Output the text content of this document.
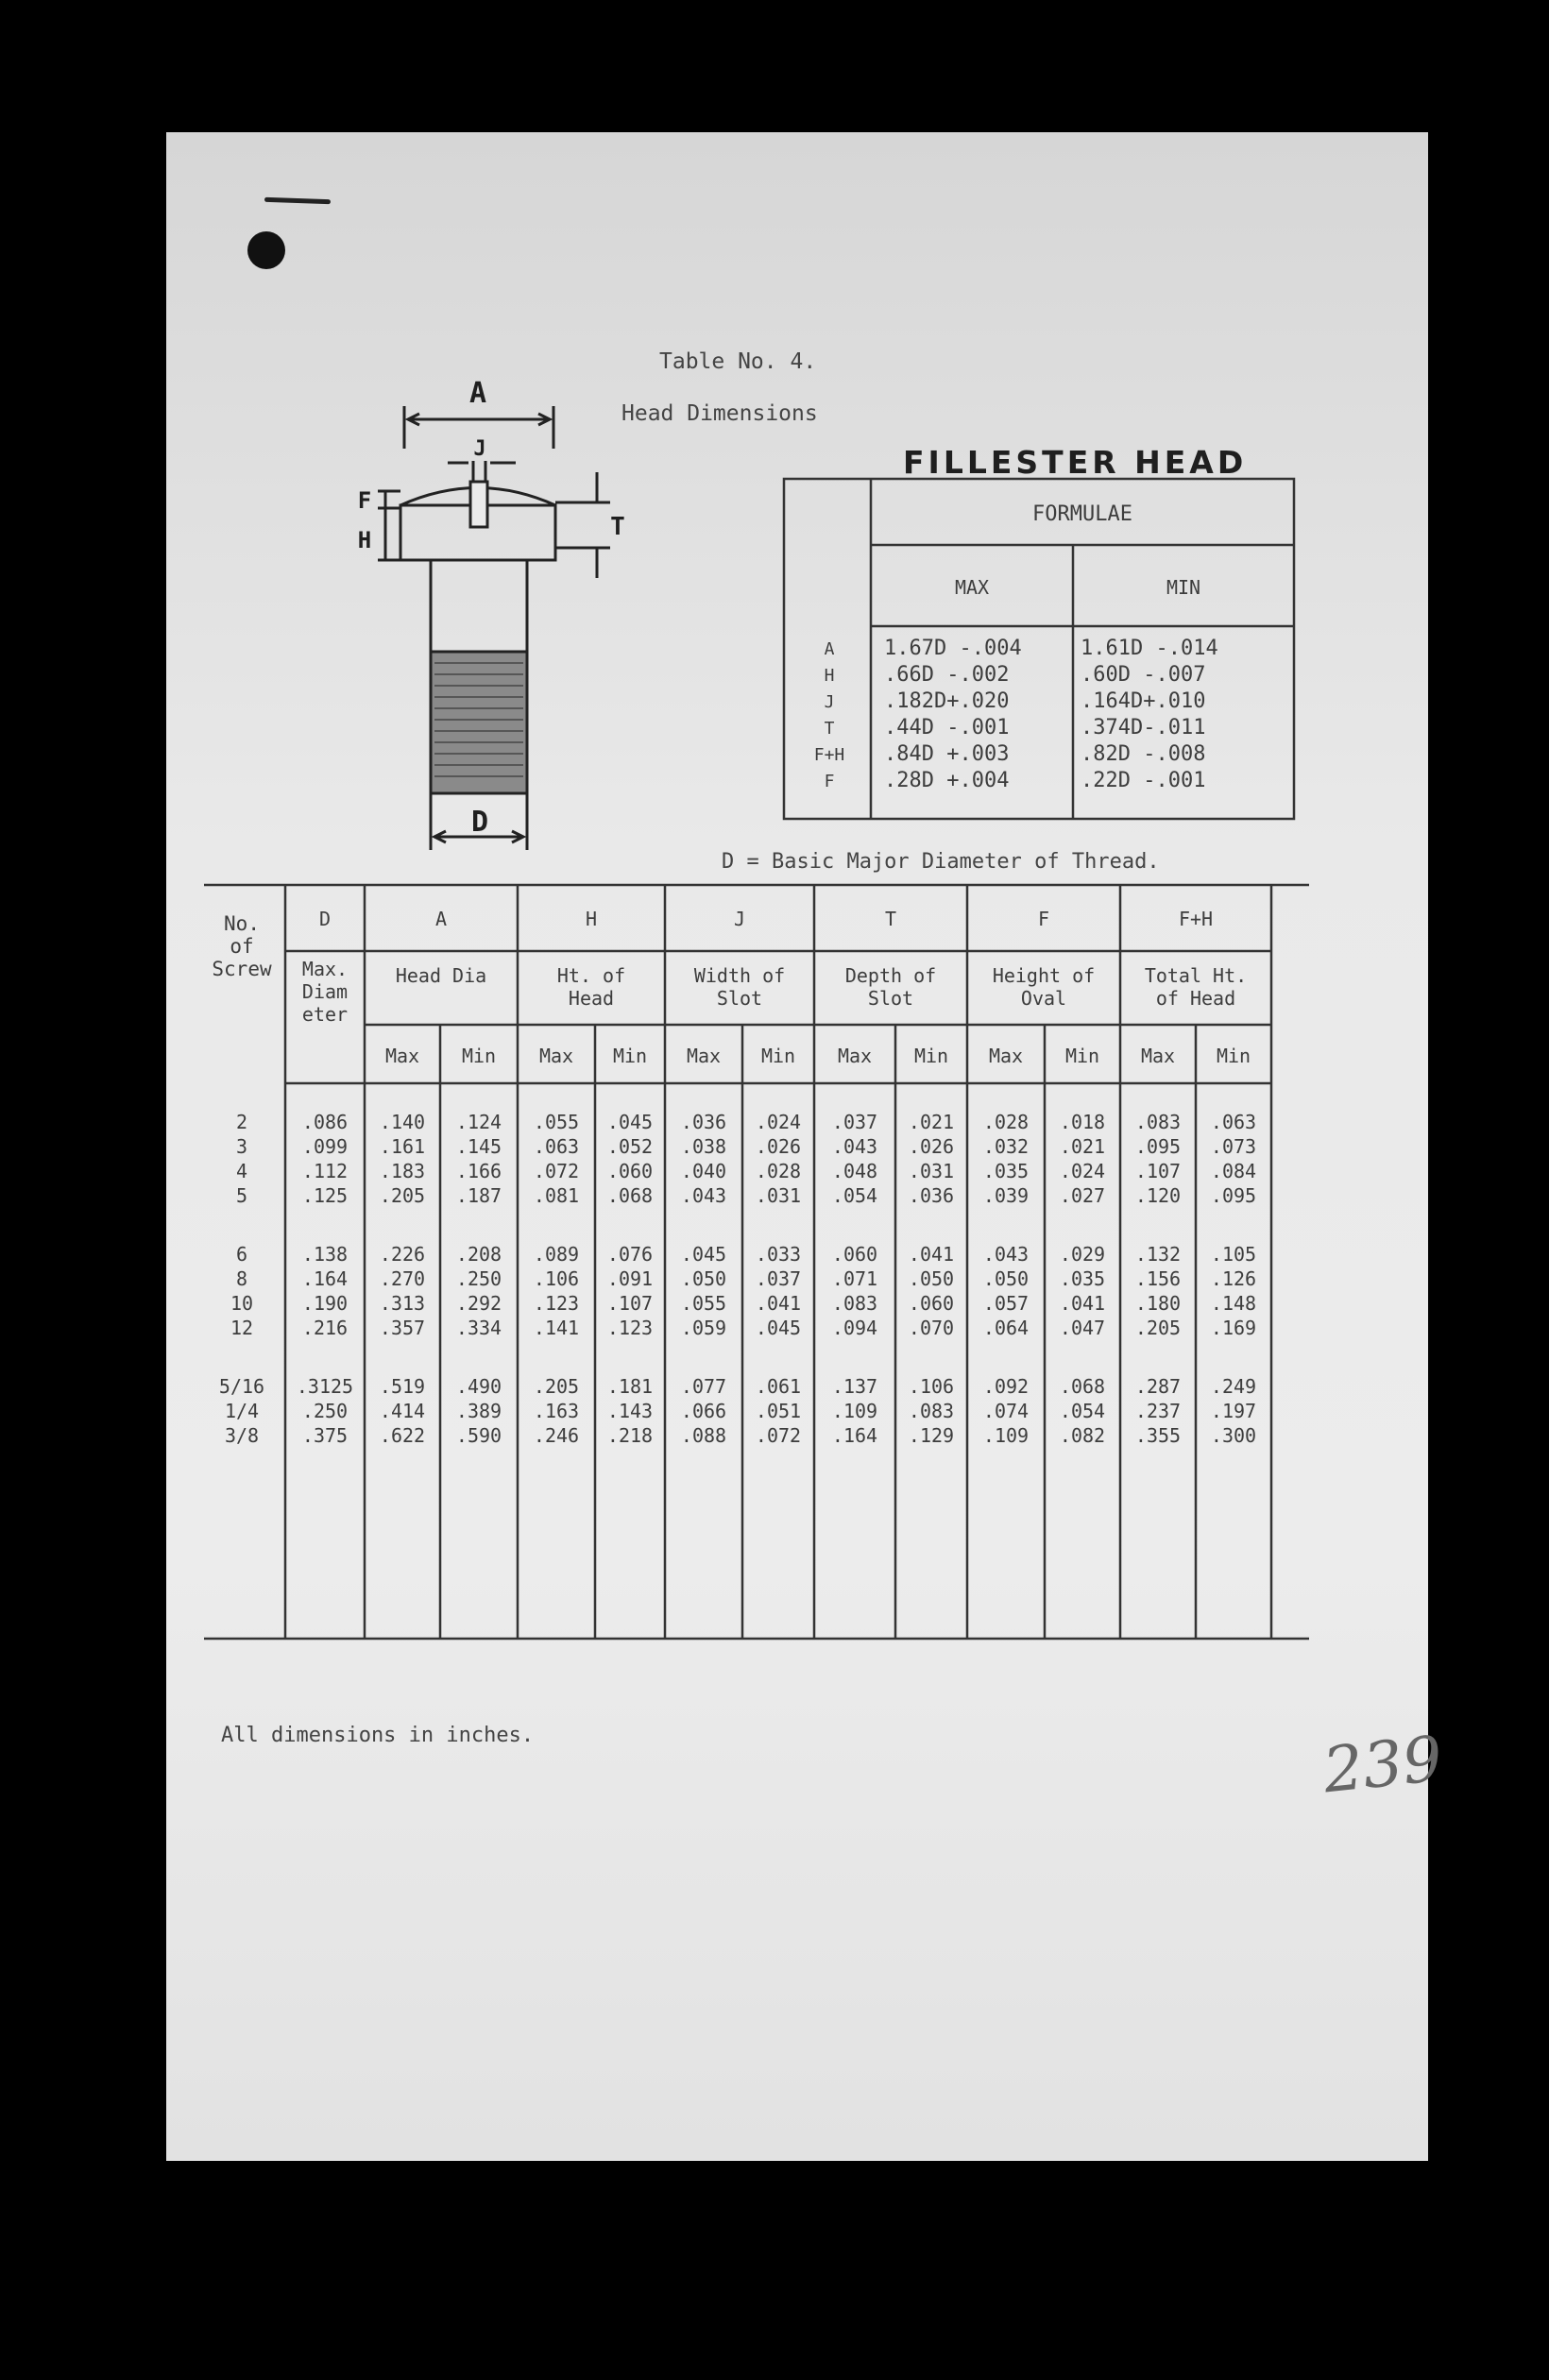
Table No. 4.
Head Dimensions
FILLESTER HEAD
A
J
H
F
T
D
FORMULAE
MAX	MIN
A 1.67D -.004	1.61D -.014
H .66D -.002	.60D -.007
J .182D+.020	.164D+.010
T .44D -.001	.374D-.011
F+H .84D +.003	.82D -.008
F .28D +.004	.22D -.001
D = Basic Major Diameter of Thread.
No. of Screw
D
Max. Diam eter
A
Head Dia
H
Ht. of Head
J
Width of Slot
T
Depth of Slot
F
Height of Oval
F+H
Total Ht. of Head
Max Min Max Min Max Min Max Min Max Min Max Min
2	.086 .140 .124 .055 .045 .036 .024 .037 .021 .028 .018 .083 .063
3	.099 .161 .145 .063 .052 .038 .026 .043 .026 .032 .021 .095 .073
4	.112 .183 .166 .072 .060 .040 .028 .048 .031 .035 .024 .107 .084
5	.125 .205 .187 .081 .068 .043 .031 .054 .036 .039 .027 .120 .095
6	.138 .226 .208 .089 .076 .045 .033 .060 .041 .043 .029 .132 .105
8	.164 .270 .250 .106 .091 .050 .037 .071 .050 .050 .035 .156 .126
10	.190 .313 .292 .123 .107 .055 .041 .083 .060 .057 .041 .180 .148
12	.216 .357 .334 .141 .123 .059 .045 .094 .070 .064 .047 .205 .169
5/16 .3125 .519 .490 .205 .181 .077 .061 .137 .106 .092 .068 .287 .249
1/4 .250 .414 .389 .163 .143 .066 .051 .109 .083 .074 .054 .237 .197
3/8 .375 .622 .590 .246 .218 .088 .072 .164 .129 .109 .082 .355 .300
All dimensions in inches.	239
